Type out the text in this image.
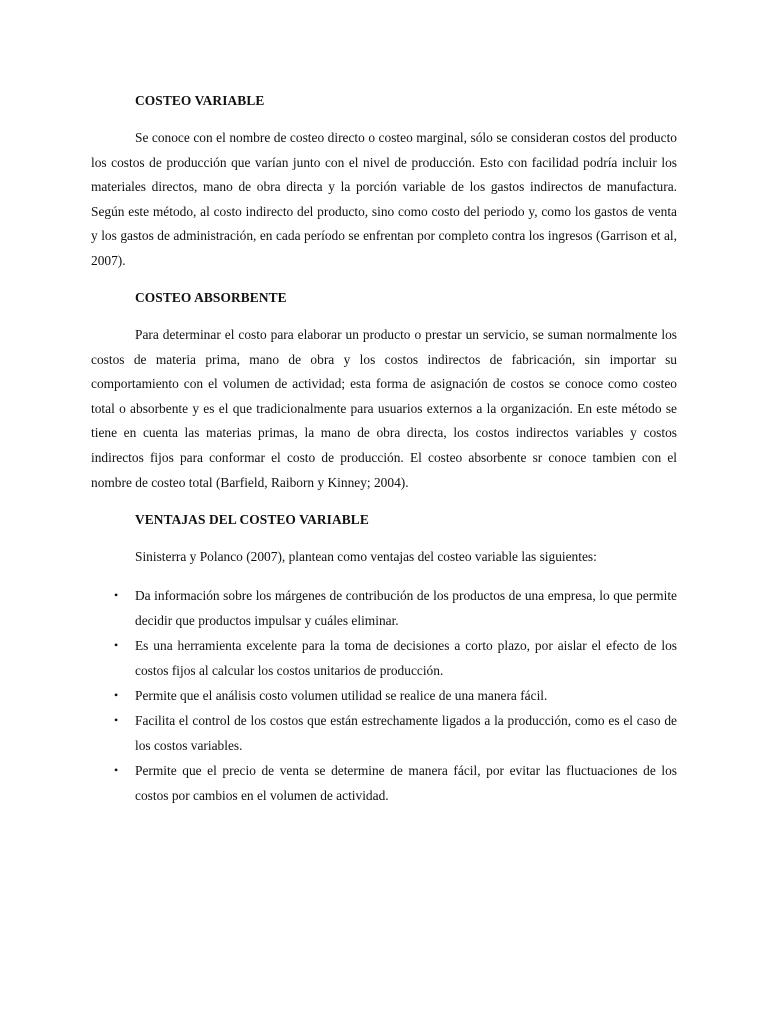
COSTEO VARIABLE

Se conoce con el nombre de costeo directo o costeo marginal, sólo se consideran costos del producto los costos de producción que varían junto con el nivel de producción. Esto con facilidad podría incluir los materiales directos, mano de obra directa y la porción variable de los gastos indirectos de manufactura. Según este método, al costo indirecto del producto, sino como costo del periodo y, como los gastos de venta y los gastos de administración, en cada período se enfrentan por completo contra los ingresos (Garrison et al, 2007).

COSTEO ABSORBENTE

Para determinar el costo para elaborar un producto o prestar un servicio, se suman normalmente los costos de materia prima, mano de obra y los costos indirectos de fabricación, sin importar su comportamiento con el volumen de actividad; esta forma de asignación de costos se conoce como costeo total o absorbente y es el que tradicionalmente para usuarios externos a la organización. En este método se tiene en cuenta las materias primas, la mano de obra directa, los costos indirectos variables y costos indirectos fijos para conformar el costo de producción. El costeo absorbente sr conoce tambien con el nombre de costeo total (Barfield, Raiborn y Kinney; 2004).

VENTAJAS DEL COSTEO VARIABLE

Sinisterra y Polanco (2007), plantean como ventajas del costeo variable las siguientes:

• Da información sobre los márgenes de contribución de los productos de una empresa, lo que permite decidir que productos impulsar y cuáles eliminar.
• Es una herramienta excelente para la toma de decisiones a corto plazo, por aislar el efecto de los costos fijos al calcular los costos unitarios de producción.
• Permite que el análisis costo volumen utilidad se realice de una manera fácil.
• Facilita el control de los costos que están estrechamente ligados a la producción, como es el caso de los costos variables.
• Permite que el precio de venta se determine de manera fácil, por evitar las fluctuaciones de los costos por cambios en el volumen de actividad.
